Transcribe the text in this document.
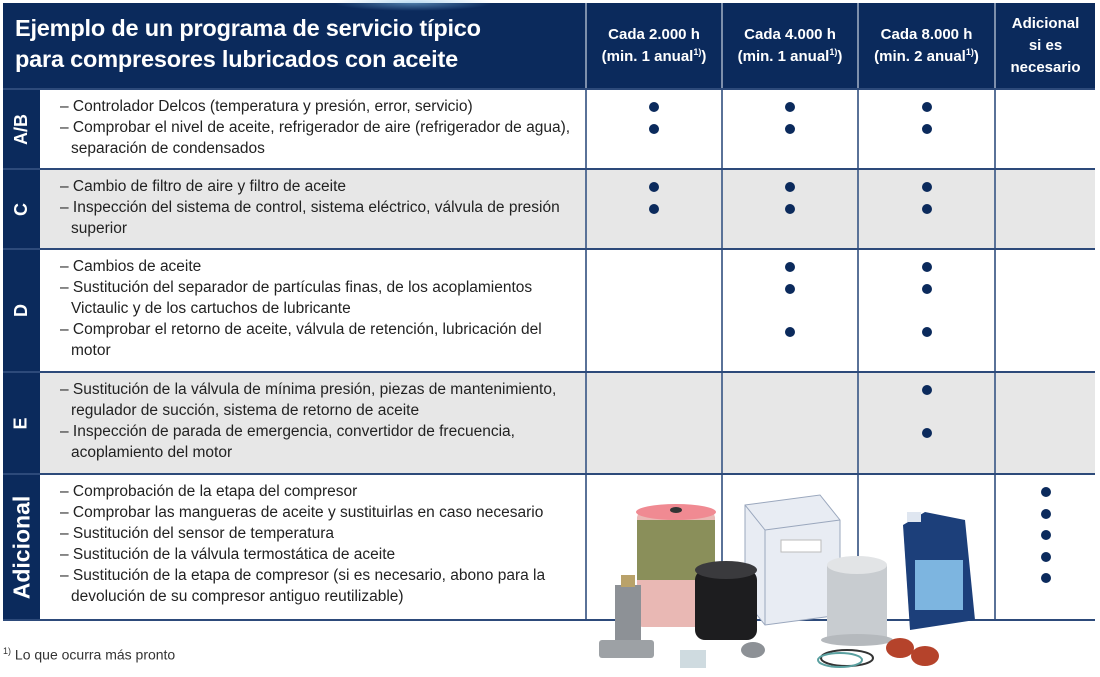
Ejemplo de un programa de servicio típico
para compresores lubricados con aceite
Cada 2.000 h
(min. 1 anual$^{1)}$)
Cada 4.000 h
(min. 1 anual$^{1)}$)
Cada 8.000 h
(min. 2 anual$^{1)}$)
Adicional
si es
necesario
A/B
– Controlador Delcos (temperatura y presión, error, servicio)
– Comprobar el nivel de aceite, refrigerador de aire (refrigerador de agua), separación de condensados
C
– Cambio de filtro de aire y filtro de aceite
– Inspección del sistema de control, sistema eléctrico, válvula de presión superior
D
– Cambios de aceite
– Sustitución del separador de partículas finas, de los acoplamientos Victaulic y de los cartuchos de lubricante
– Comprobar el retorno de aceite, válvula de retención, lubricación del motor
E
– Sustitución de la válvula de mínima presión, piezas de mantenimiento, regulador de succión, sistema de retorno de aceite
– Inspección de parada de emergencia, convertidor de frecuencia, acoplamiento del motor
Adicional
– Comprobación de la etapa del compresor
– Comprobar las mangueras de aceite y sustituirlas en caso necesario
– Sustitución del sensor de temperatura
– Sustitución de la válvula termostática de aceite
– Sustitución de la etapa de compresor (si es necesario, abono para la devolución de su compresor antiguo reutilizable)
$^{1)}$ Lo que ocurra más pronto
